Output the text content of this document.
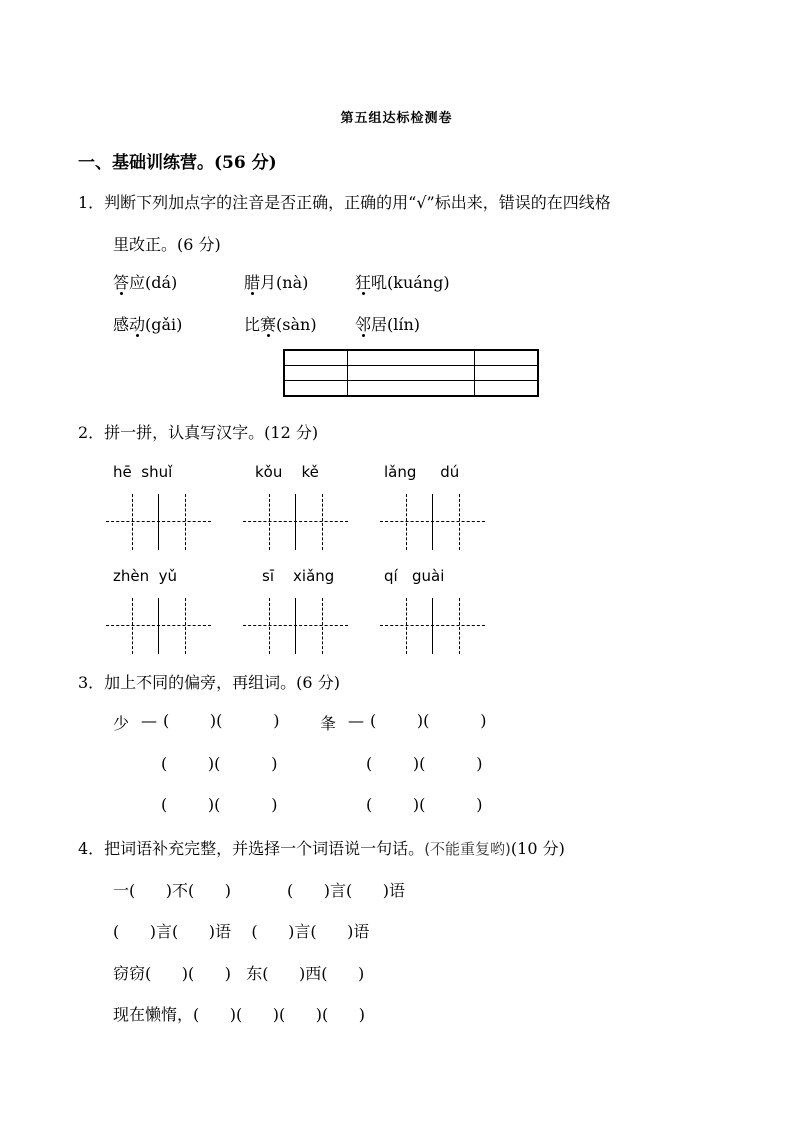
第五组达标检测卷
一、基础训练营。(56 分)
1．判断下列加点字的注音是否正确，正确的用“√”标出来，错误的在四线格
里改正。(6 分)
答应(dá)	腊月(nà)	狂吼(kuáng)
感动(gǎi)	比赛(sàn) 邻居(lín)

2．拼一拼，认真写汉字。(12 分)
hē  shuǐ	kǒu    kě	lǎng     dú
zhèn  yǔ	sī    xiǎng	qí   guài
3．加上不同的偏旁，再组词。(6 分)
少 — (        )(          )	夆 — (        )(          )
(        )(          )	(        )(          )
(        )(          )	(        )(          )
4．把词语补充完整，并选择一个词语说一句话。(不能重复哟)(10 分)
一(      )不(      )           (      )言(      )语
(      )言(      )语    (      )言(      )语
窃窃(      )(      )   东(      )西(      )
现在懒惰，(      )(      )(      )(      )
